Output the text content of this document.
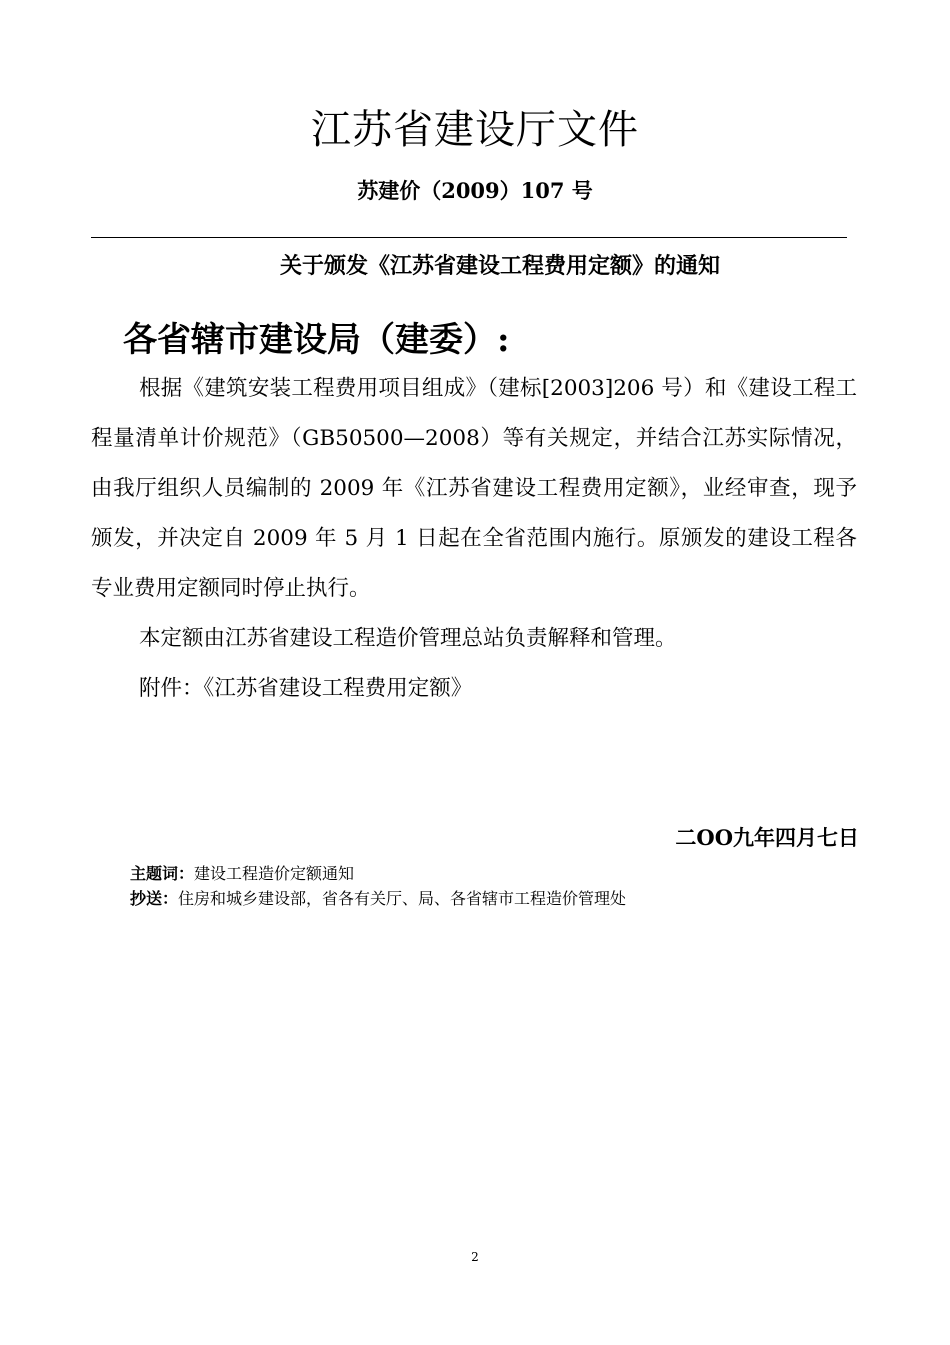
江苏省建设厅文件
苏建价（2009）107 号
关于颁发《江苏省建设工程费用定额》的通知
各省辖市建设局（建委）:
根据《建筑安装工程费用项目组成》（建标[2003]206 号）和《建设工程工程量清单计价规范》（GB50500—2008）等有关规定，并结合江苏实际情况，由我厅组织人员编制的 2009 年《江苏省建设工程费用定额》，业经审查，现予颁发，并决定自 2009 年 5 月 1 日起在全省范围内施行。原颁发的建设工程各专业费用定额同时停止执行。
本定额由江苏省建设工程造价管理总站负责解释和管理。
附件：《江苏省建设工程费用定额》
二OO九年四月七日
主题词：建设工程造价定额通知
抄送：住房和城乡建设部，省各有关厅、局、各省辖市工程造价管理处
2
